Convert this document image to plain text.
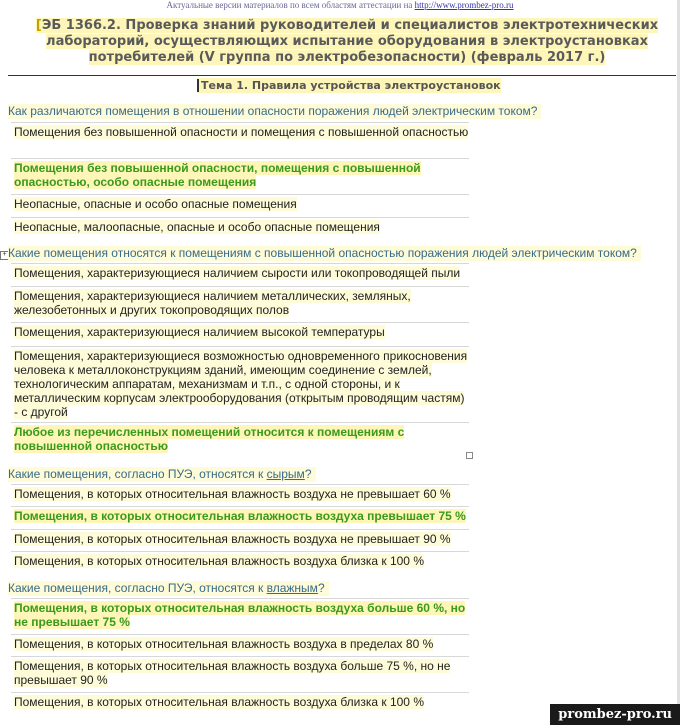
Актуальные версии материалов по всем областям аттестации на http://www.prombez-pro.ru
[ЭБ 1366.2. Проверка знаний руководителей и специалистов электротехнических лабораторий, осуществляющих испытание оборудования в электроустановках потребителей (V группа по электробезопасности) (февраль 2017 г.)
Тема 1. Правила устройства электроустановок
Как различаются помещения в отношении опасности поражения людей электрическим током?
Помещения без повышенной опасности и помещения с повышенной опасностью
Помещения без повышенной опасности, помещения с повышенной опасностью, особо опасные помещения
Неопасные, опасные и особо опасные помещения
Неопасные, малоопасные, опасные и особо опасные помещения
+ Какие помещения относятся к помещениям с повышенной опасностью поражения людей электрическим током?
Помещения, характеризующиеся наличием сырости или токопроводящей пыли
Помещения, характеризующиеся наличием металлических, земляных, железобетонных и других токопроводящих полов
Помещения, характеризующиеся наличием высокой температуры
Помещения, характеризующиеся возможностью одновременного прикосновения человека к металлоконструкциям зданий, имеющим соединение с землей, технологическим аппаратам, механизмам и т.п., с одной стороны, и к металлическим корпусам электрооборудования (открытым проводящим частям) - с другой
Любое из перечисленных помещений относится к помещениям с повышенной опасностью
Какие помещения, согласно ПУЭ, относятся к сырым?
Помещения, в которых относительная влажность воздуха не превышает 60 %
Помещения, в которых относительная влажность воздуха превышает 75 %
Помещения, в которых относительная влажность воздуха не превышает 90 %
Помещения, в которых относительная влажность воздуха близка к 100 %
Какие помещения, согласно ПУЭ, относятся к влажным?
Помещения, в которых относительная влажность воздуха больше 60 %, но не превышает 75 %
Помещения, в которых относительная влажность воздуха в пределах 80 %
Помещения, в которых относительная влажность воздуха больше 75 %, но не превышает 90 %
Помещения, в которых относительная влажность воздуха близка к 100 %
prombez-pro.ru
